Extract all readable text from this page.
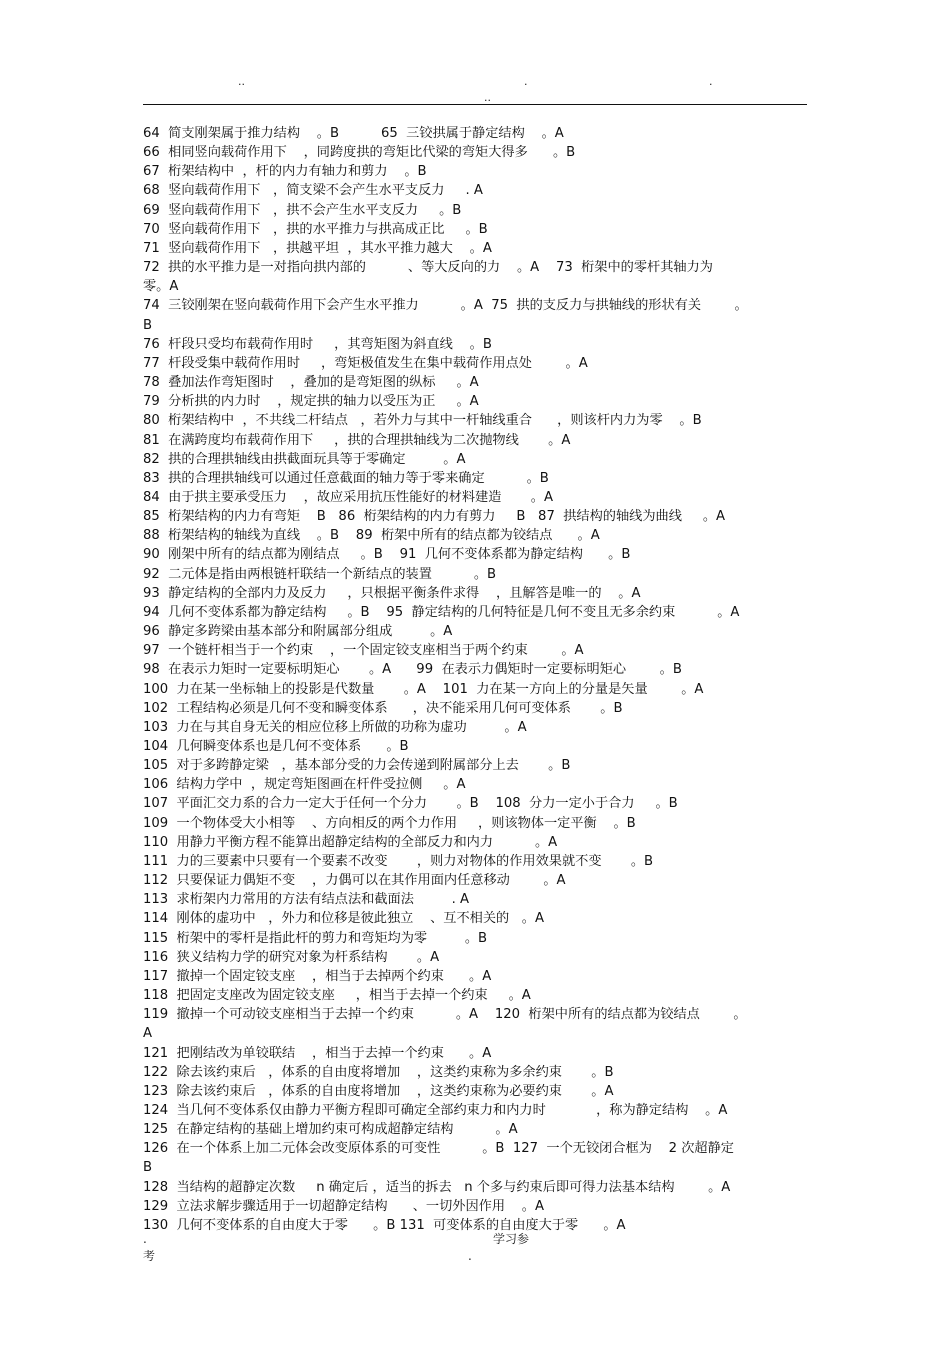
..	.	.
..
64  简支刚架属于推力结构    。B          65  三铰拱属于静定结构    。A
66  相同竖向载荷作用下    ，同跨度拱的弯矩比代梁的弯矩大得多      。B
67  桁架结构中  ，杆的内力有轴力和剪力    。B
68  竖向载荷作用下   ，简支梁不会产生水平支反力     . A
69  竖向载荷作用下   ，拱不会产生水平支反力     。B
70  竖向载荷作用下   ，拱的水平推力与拱高成正比     。B
71  竖向载荷作用下   ，拱越平坦  ，其水平推力越大    。A
72  拱的水平推力是一对指向拱内部的          、等大反向的力    。A    73  桁架中的零杆其轴力为
零。A
74  三铰刚架在竖向载荷作用下会产生水平推力          。A  75  拱的支反力与拱轴线的形状有关        。
B
76  杆段只受均布载荷作用时     ，其弯矩图为斜直线    。B
77  杆段受集中载荷作用时     ，弯矩极值发生在集中载荷作用点处        。A
78  叠加法作弯矩图时    ，叠加的是弯矩图的纵标     。A
79  分析拱的内力时    ，规定拱的轴力以受压为正     。A
80  桁架结构中  ，不共线二杆结点   ，若外力与其中一杆轴线重合      ，则该杆内力为零    。B
81  在满跨度均布载荷作用下     ，拱的合理拱轴线为二次抛物线       。A
82  拱的合理拱轴线由拱截面玩具等于零确定         。A
83  拱的合理拱轴线可以通过任意截面的轴力等于零来确定          。B
84  由于拱主要承受压力    ，故应采用抗压性能好的材料建造       。A
85  桁架结构的内力有弯矩    B   86  桁架结构的内力有剪力     B   87  拱结构的轴线为曲线     。A
88  桁架结构的轴线为直线    。B    89  桁架中所有的结点都为铰结点      。A
90  刚架中所有的结点都为刚结点     。B    91  几何不变体系都为静定结构      。B
92  二元体是指由两根链杆联结一个新结点的装置          。B
93  静定结构的全部内力及反力     ，只根据平衡条件求得    ，且解答是唯一的    。A
94  几何不变体系都为静定结构     。B    95  静定结构的几何特征是几何不变且无多余约束          。A
96  静定多跨梁由基本部分和附属部分组成         。A
97  一个链杆相当于一个约束    ，一个固定铰支座相当于两个约束        。A
98  在表示力矩时一定要标明矩心       。A      99  在表示力偶矩时一定要标明矩心        。B
100  力在某一坐标轴上的投影是代数量       。A    101  力在某一方向上的分量是矢量        。A
102  工程结构必须是几何不变和瞬变体系      ，决不能采用几何可变体系       。B
103  力在与其自身无关的相应位移上所做的功称为虚功         。A
104  几何瞬变体系也是几何不变体系      。B
105  对于多跨静定梁   ，基本部分受的力会传递到附属部分上去       。B
106  结构力学中  ，规定弯矩图画在杆件受拉侧     。A
107  平面汇交力系的合力一定大于任何一个分力       。B    108  分力一定小于合力     。B
109  一个物体受大小相等    、方向相反的两个力作用     ，则该物体一定平衡    。B
110  用静力平衡方程不能算出超静定结构的全部反力和内力          。A
111  力的三要素中只要有一个要素不改变       ，则力对物体的作用效果就不变       。B
112  只要保证力偶矩不变    ，力偶可以在其作用面内任意移动        。A
113  求桁架内力常用的方法有结点法和截面法         . A
114  刚体的虚功中   ，外力和位移是彼此独立    、互不相关的   。A
115  桁架中的零杆是指此杆的剪力和弯矩均为零         。B
116  狭义结构力学的研究对象为杆系结构       。A
117  撤掉一个固定铰支座    ，相当于去掉两个约束      。A
118  把固定支座改为固定铰支座     ，相当于去掉一个约束     。A
119  撤掉一个可动铰支座相当于去掉一个约束          。A    120  桁架中所有的结点都为铰结点        。
A
121  把刚结改为单铰联结    ，相当于去掉一个约束      。A
122  除去该约束后   ，体系的自由度将增加    ，这类约束称为多余约束       。B
123  除去该约束后   ，体系的自由度将增加    ，这类约束称为必要约束       。A
124  当几何不变体系仅由静力平衡方程即可确定全部约束力和内力时            ，称为静定结构    。A
125  在静定结构的基础上增加约束可构成超静定结构          。A
126  在一个体系上加二元体会改变原体系的可变性          。B  127  一个无铰闭合框为    2 次超静定
B
128  当结构的超静定次数     n 确定后 ，适当的拆去   n 个多与约束后即可得力法基本结构        。A
129  立法求解步骤适用于一切超静定结构      、一切外因作用    。A
130  几何不变体系的自由度大于零      。B 131  可变体系的自由度大于零      。A
.	学习参
考	.
